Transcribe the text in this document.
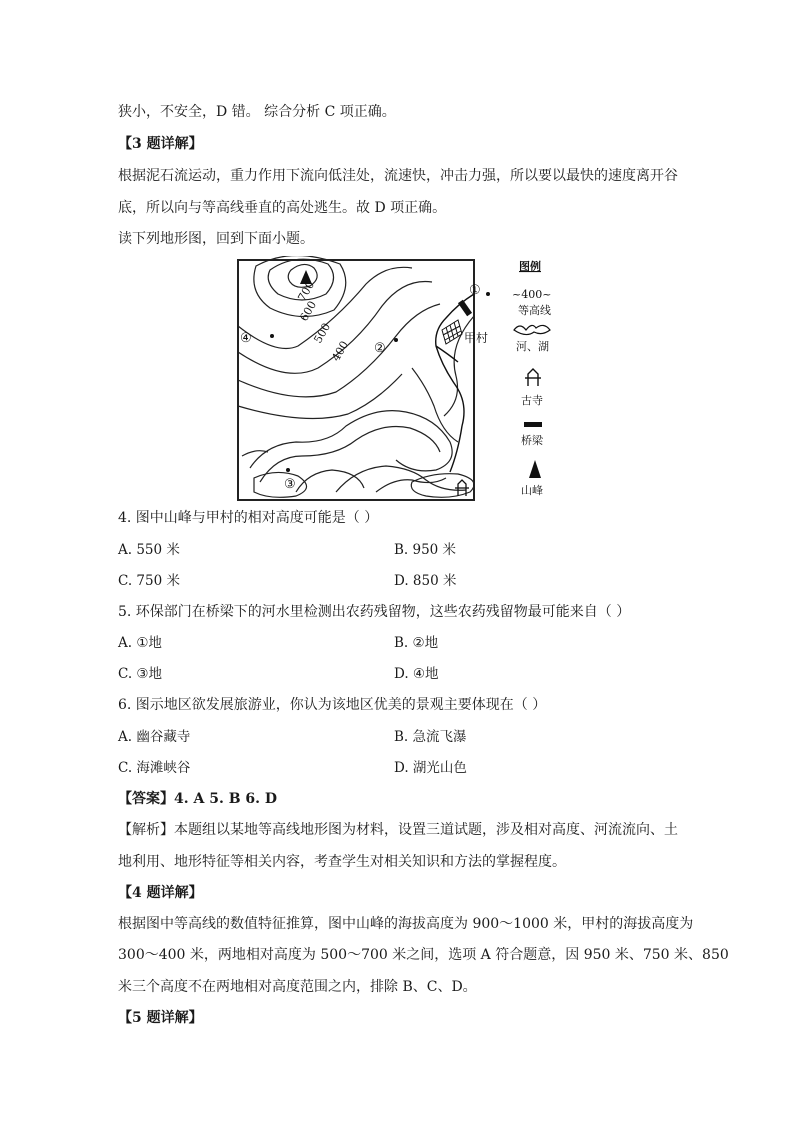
狭小，不安全，D 错。 综合分析 C 项正确。
【3 题详解】
根据泥石流运动，重力作用下流向低洼处，流速快，冲击力强，所以要以最快的速度离开谷
底，所以向与等高线垂直的高处逃生。故 D 项正确。
读下列地形图，回到下面小题。
700
600
500
400
①
②
③
④	甲村
图例
~400~
等高线
河、湖
古寺
桥梁
山峰
4. 图中山峰与甲村的相对高度可能是（ ）
A. 550 米	B. 950 米
C. 750 米	D. 850 米
5. 环保部门在桥梁下的河水里检测出农药残留物，这些农药残留物最可能来自（ ）
A. ①地	B. ②地
C. ③地	D. ④地
6. 图示地区欲发展旅游业，你认为该地区优美的景观主要体现在（ ）
A. 幽谷藏寺	B. 急流飞瀑
C. 海滩峡谷	D. 湖光山色
【答案】4. A 5. B 6. D
【解析】本题组以某地等高线地形图为材料，设置三道试题，涉及相对高度、河流流向、土
地利用、地形特征等相关内容，考查学生对相关知识和方法的掌握程度。
【4 题详解】
根据图中等高线的数值特征推算，图中山峰的海拔高度为 900～1000 米，甲村的海拔高度为
300～400 米，两地相对高度为 500～700 米之间，选项 A 符合题意，因 950 米、750 米、850
米三个高度不在两地相对高度范围之内，排除 B、C、D。
【5 题详解】
